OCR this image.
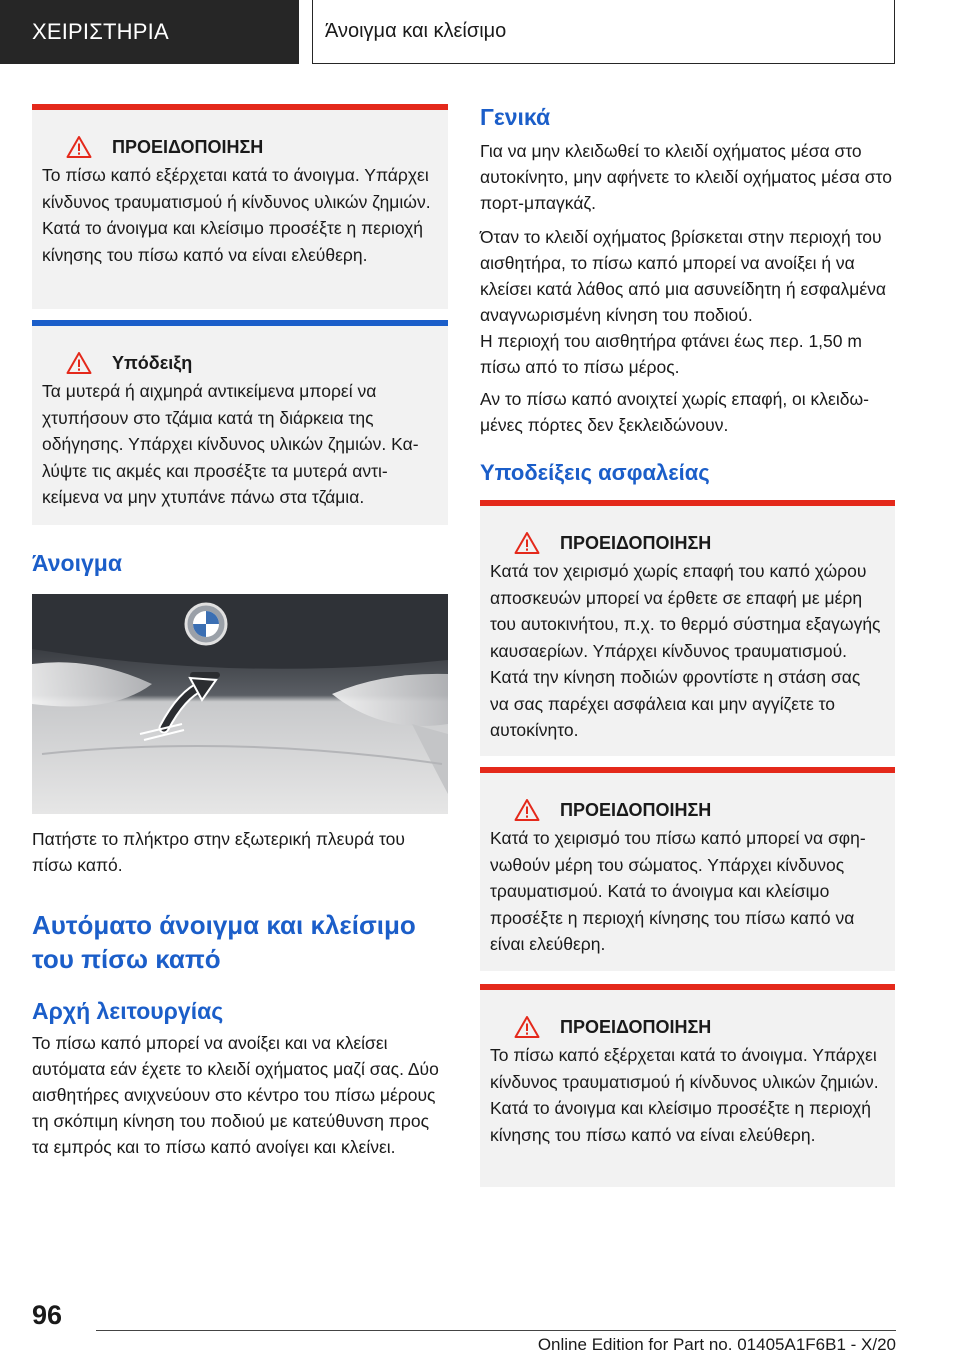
ΧΕΙΡΙΣΤΗΡΙΑ	Άνοιγμα και κλείσιμο
ΠΡΟΕΙΔΟΠΟΙΗΣΗ

Το πίσω καπό εξέρχεται κατά το άνοιγμα. Υπάρχει κίνδυνος τραυματισμού ή κίνδυνος υλικών ζημιών. Κατά το άνοιγμα και κλείσιμο προσέξτε η περιοχή κίνησης του πίσω καπό να είναι ελεύθερη.

Υπόδειξη

Τα μυτερά ή αιχμηρά αντικείμενα μπορεί να χτυπήσουν στο τζάμια κατά τη διάρκεια της οδήγησης. Υπάρχει κίνδυνος υλικών ζημιών. Καλύψτε τις ακμές και προσέξτε τα μυτερά αντικείμενα να μην χτυπάνε πάνω στα τζάμια.

Άνοιγμα

Πατήστε το πλήκτρο στην εξωτερική πλευρά του πίσω καπό.

Αυτόματο άνοιγμα και κλείσιμο του πίσω καπό
Αρχή λειτουργίας

Το πίσω καπό μπορεί να ανοίξει και να κλείσει αυτόματα εάν έχετε το κλειδί οχήματος μαζί σας. Δύο αισθητήρες ανιχνεύουν στο κέντρο του πίσω μέρους τη σκόπιμη κίνηση του ποδιού με κατεύθυνση προς τα εμπρός και το πίσω καπό ανοίγει και κλείνει.

Γενικά

Για να μην κλειδωθεί το κλειδί οχήματος μέσα στο αυτοκίνητο, μην αφήνετε το κλειδί οχήματος μέσα στο πορτ-μπαγκάζ.

Όταν το κλειδί οχήματος βρίσκεται στην περιοχή του αισθητήρα, το πίσω καπό μπορεί να ανοίξει ή να κλείσει κατά λάθος από μια ασυνείδητη ή εσφαλμένα αναγνωρισμένη κίνηση του ποδιού.

Η περιοχή του αισθητήρα φτάνει έως περ. 1,50 m πίσω από το πίσω μέρος.

Αν το πίσω καπό ανοιχτεί χωρίς επαφή, οι κλειδωμένες πόρτες δεν ξεκλειδώνουν.

Υποδείξεις ασφαλείας
ΠΡΟΕΙΔΟΠΟΙΗΣΗ

Κατά τον χειρισμό χωρίς επαφή του καπό χώρου αποσκευών μπορεί να έρθετε σε επαφή με μέρη του αυτοκινήτου, π.χ. το θερμό σύστημα εξαγωγής καυσαερίων. Υπάρχει κίνδυνος τραυματισμού. Κατά την κίνηση ποδιών φροντίστε η στάση σας να σας παρέχει ασφάλεια και μην αγγίζετε το αυτοκίνητο.

ΠΡΟΕΙΔΟΠΟΙΗΣΗ

Κατά το χειρισμό του πίσω καπό μπορεί να σφηνωθούν μέρη του σώματος. Υπάρχει κίνδυνος τραυματισμού. Κατά το άνοιγμα και κλείσιμο προσέξτε η περιοχή κίνησης του πίσω καπό να είναι ελεύθερη.

ΠΡΟΕΙΔΟΠΟΙΗΣΗ

Το πίσω καπό εξέρχεται κατά το άνοιγμα. Υπάρχει κίνδυνος τραυματισμού ή κίνδυνος υλικών ζημιών. Κατά το άνοιγμα και κλείσιμο προσέξτε η περιοχή κίνησης του πίσω καπό να είναι ελεύθερη.

96
Online Edition for Part no. 01405A1F6B1 - X/20
